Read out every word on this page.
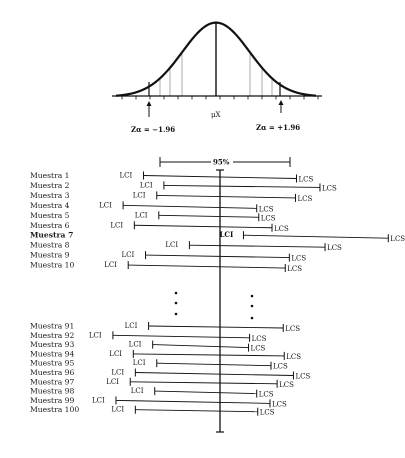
μX
Zα = −1.96	Zα = +1.96
95%
Muestra 1	LCI	LCS
Muestra 2	LCI	LCS
Muestra 3	LCI	LCS
Muestra 4	LCI	LCS
Muestra 5	LCI	LCS
Muestra 6	LCI	LCS
Muestra 7	LCI	LCS
Muestra 8	LCI	LCS
Muestra 9	LCI	LCS
Muestra 10	LCI	LCS
Muestra 91	LCI	LCS
Muestra 92 LCI	LCS
Muestra 93	LCI	LCS
Muestra 94	LCI	LCS
Muestra 95	LCI	LCS
Muestra 96	LCI	LCS
Muestra 97	LCI	LCS
Muestra 98	LCI	LCS
Muestra 99	LCI	LCS
Muestra 100	LCI	LCS
